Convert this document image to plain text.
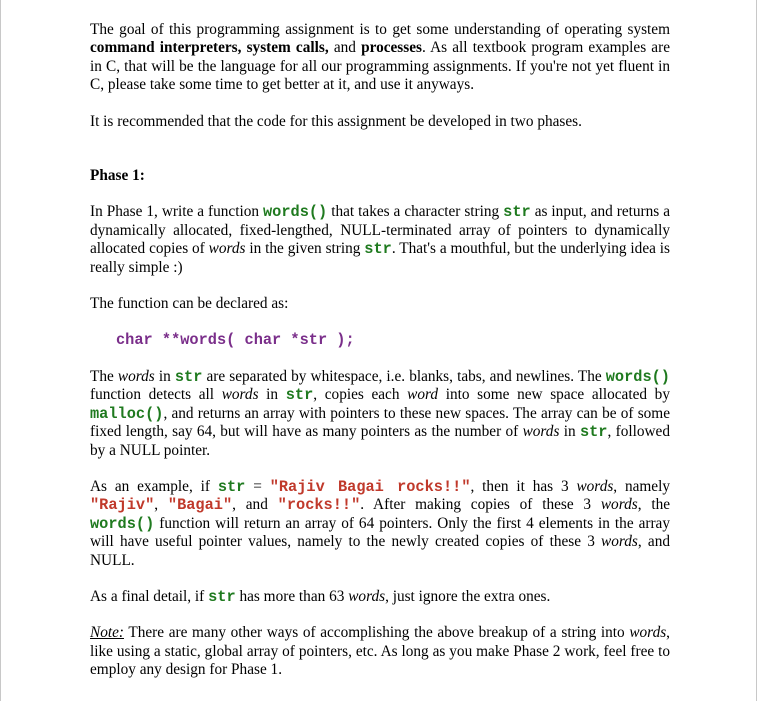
The goal of this programming assignment is to get some understanding of operating system command interpreters, system calls, and processes. As all textbook program examples are in C, that will be the language for all our programming assignments. If you're not yet fluent in C, please take some time to get better at it, and use it anyways.

It is recommended that the code for this assignment be developed in two phases.

Phase 1:

In Phase 1, write a function words() that takes a character string str as input, and returns a dynamically allocated, fixed-lengthed, NULL-terminated array of pointers to dynamically allocated copies of words in the given string str. That's a mouthful, but the underlying idea is really simple :)

The function can be declared as:

char **words( char *str );

The words in str are separated by whitespace, i.e. blanks, tabs, and newlines. The words() function detects all words in str, copies each word into some new space allocated by malloc(), and returns an array with pointers to these new spaces. The array can be of some fixed length, say 64, but will have as many pointers as the number of words in str, followed by a NULL pointer.

As an example, if str = "Rajiv Bagai rocks!!", then it has 3 words, namely "Rajiv", "Bagai", and "rocks!!". After making copies of these 3 words, the words() function will return an array of 64 pointers. Only the first 4 elements in the array will have useful pointer values, namely to the newly created copies of these 3 words, and NULL.

As a final detail, if str has more than 63 words, just ignore the extra ones.

Note: There are many other ways of accomplishing the above breakup of a string into words, like using a static, global array of pointers, etc. As long as you make Phase 2 work, feel free to employ any design for Phase 1.
